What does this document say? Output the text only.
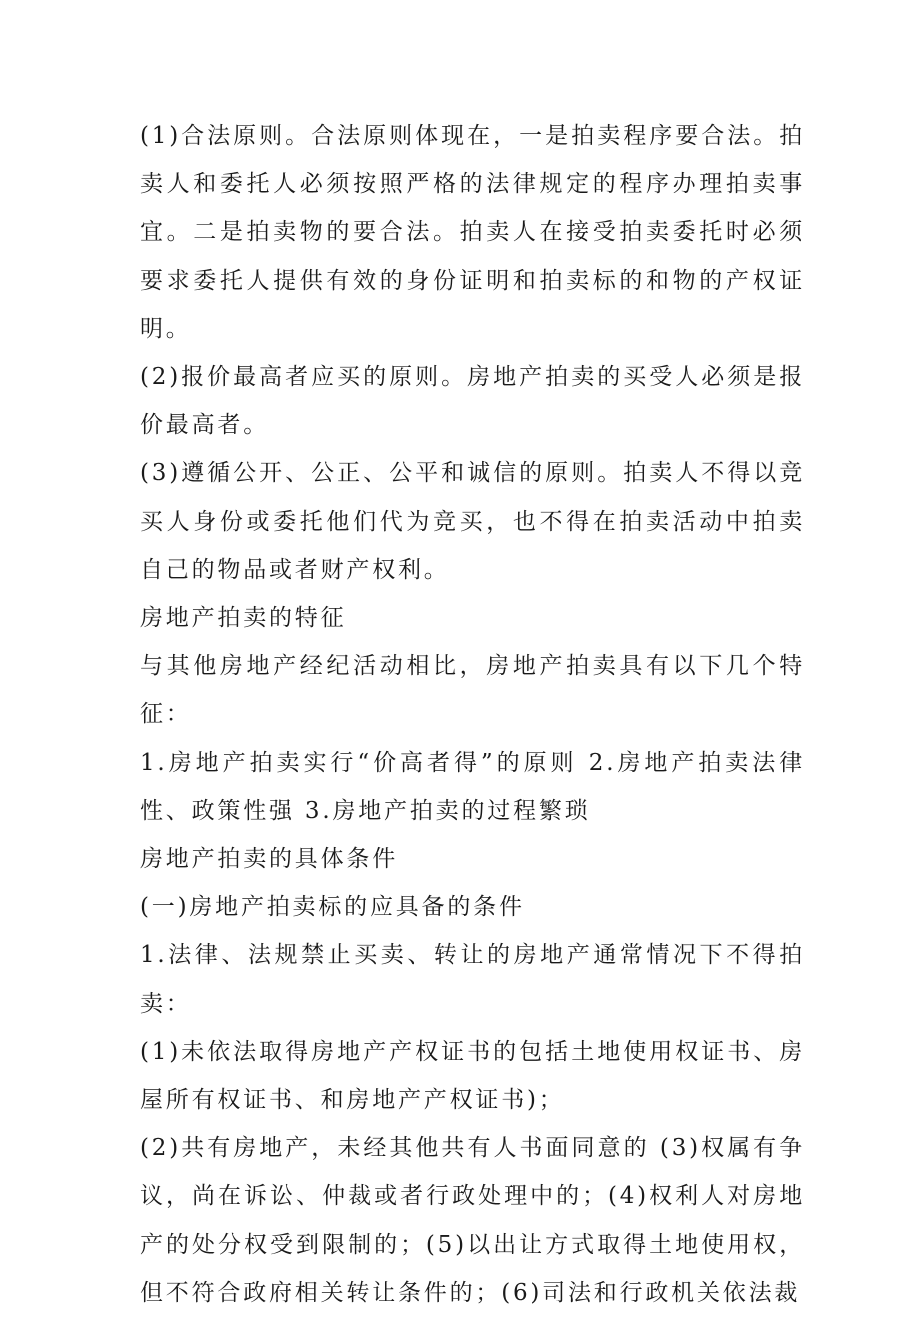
(1)合法原则。合法原则体现在，一是拍卖程序要合法。拍卖人和委托人必须按照严格的法律规定的程序办理拍卖事宜。二是拍卖物的要合法。拍卖人在接受拍卖委托时必须要求委托人提供有效的身份证明和拍卖标的和物的产权证明。

(2)报价最高者应买的原则。房地产拍卖的买受人必须是报价最高者。

(3)遵循公开、公正、公平和诚信的原则。拍卖人不得以竞买人身份或委托他们代为竞买，也不得在拍卖活动中拍卖自己的物品或者财产权利。

房地产拍卖的特征

与其他房地产经纪活动相比，房地产拍卖具有以下几个特征：

1.房地产拍卖实行“价高者得”的原则 2.房地产拍卖法律性、政策性强 3.房地产拍卖的过程繁琐

房地产拍卖的具体条件

(一)房地产拍卖标的应具备的条件

1.法律、法规禁止买卖、转让的房地产通常情况下不得拍卖：

(1)未依法取得房地产产权证书的包括土地使用权证书、房屋所有权证书、和房地产产权证书)；

(2)共有房地产，未经其他共有人书面同意的 (3)权属有争议，尚在诉讼、仲裁或者行政处理中的；(4)权利人对房地产的处分权受到限制的；(5)以出让方式取得土地使用权，但不符合政府相关转让条件的；(6)司法和行政机关依法裁
